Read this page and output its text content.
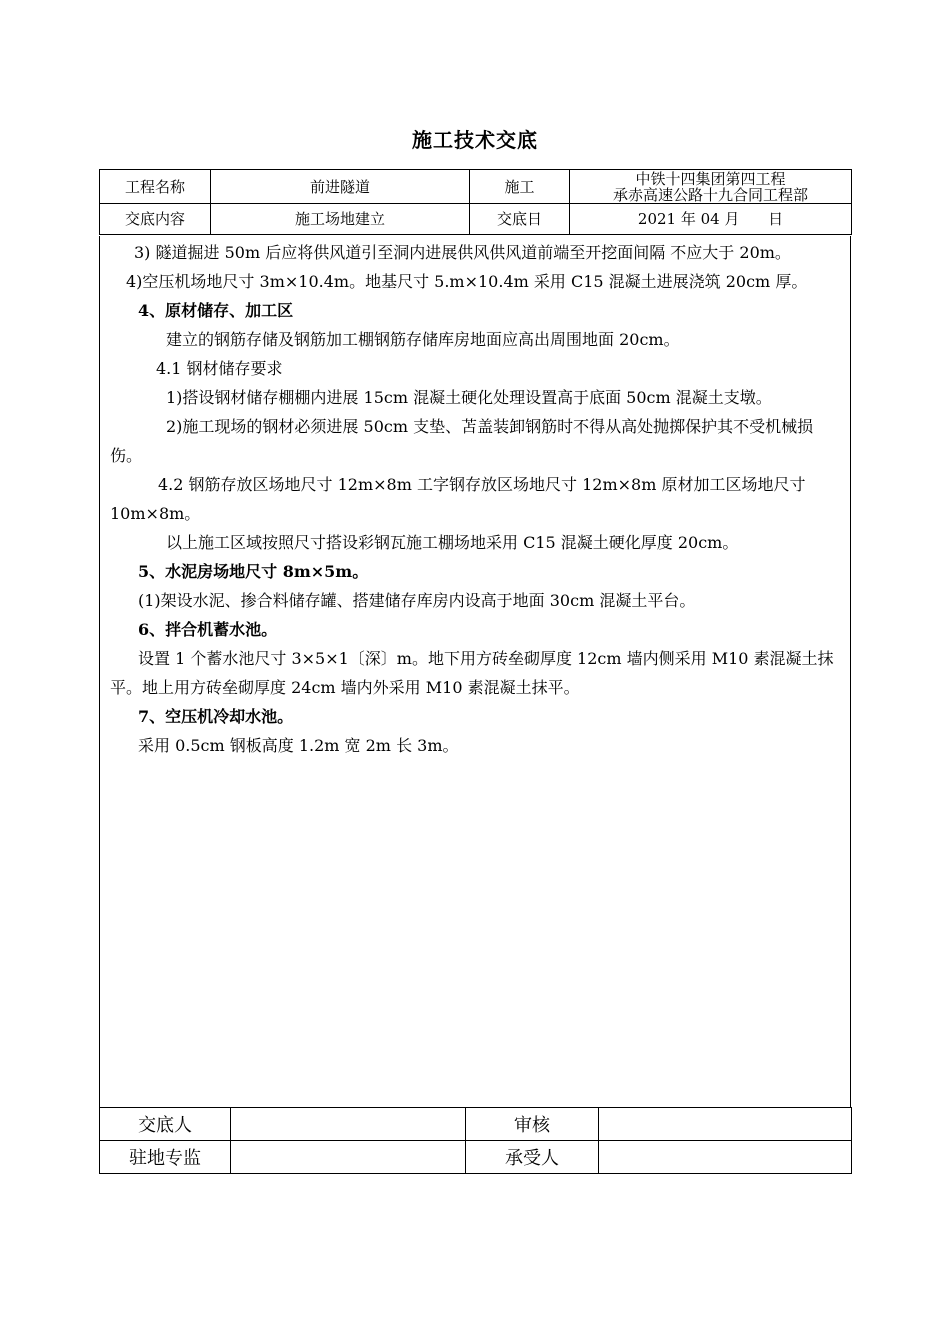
施工技术交底
工程名称	前进隧道	施工	中铁十四集团第四工程
承赤高速公路十九合同工程部

交底内容	施工场地建立	交底日	2021 年 04 月      日

3) 隧道掘进 50m 后应将供风道引至洞内进展供风供风道前端至开挖面间隔 不应大于 20m。

4)空压机场地尺寸 3m×10.4m。地基尺寸 5.m×10.4m 采用 C15 混凝土进展浇筑 20cm 厚。

4、原材储存、加工区

建立的钢筋存储及钢筋加工棚钢筋存储库房地面应高出周围地面 20cm。

4.1 钢材储存要求

1)搭设钢材储存棚棚内进展 15cm 混凝土硬化处理设置高于底面 50cm 混凝土支墩。

2)施工现场的钢材必须进展 50cm 支垫、苫盖装卸钢筋时不得从高处抛掷保护其不受机械损伤。

4.2 钢筋存放区场地尺寸 12m×8m 工字钢存放区场地尺寸 12m×8m 原材加工区场地尺寸 10m×8m。

以上施工区域按照尺寸搭设彩钢瓦施工棚场地采用 C15 混凝土硬化厚度 20cm。

5、水泥房场地尺寸 8m×5m。

(1)架设水泥、掺合料储存罐、搭建储存库房内设高于地面 30cm 混凝土平台。

6、拌合机蓄水池。

设置 1 个蓄水池尺寸 3×5×1〔深〕m。地下用方砖垒砌厚度 12cm 墙内侧采用 M10 素混凝土抹平。地上用方砖垒砌厚度 24cm 墙内外采用 M10 素混凝土抹平。

7、空压机冷却水池。

采用 0.5cm 钢板高度 1.2m 宽 2m 长 3m。

交底人		审核	
驻地专监		承受人	
